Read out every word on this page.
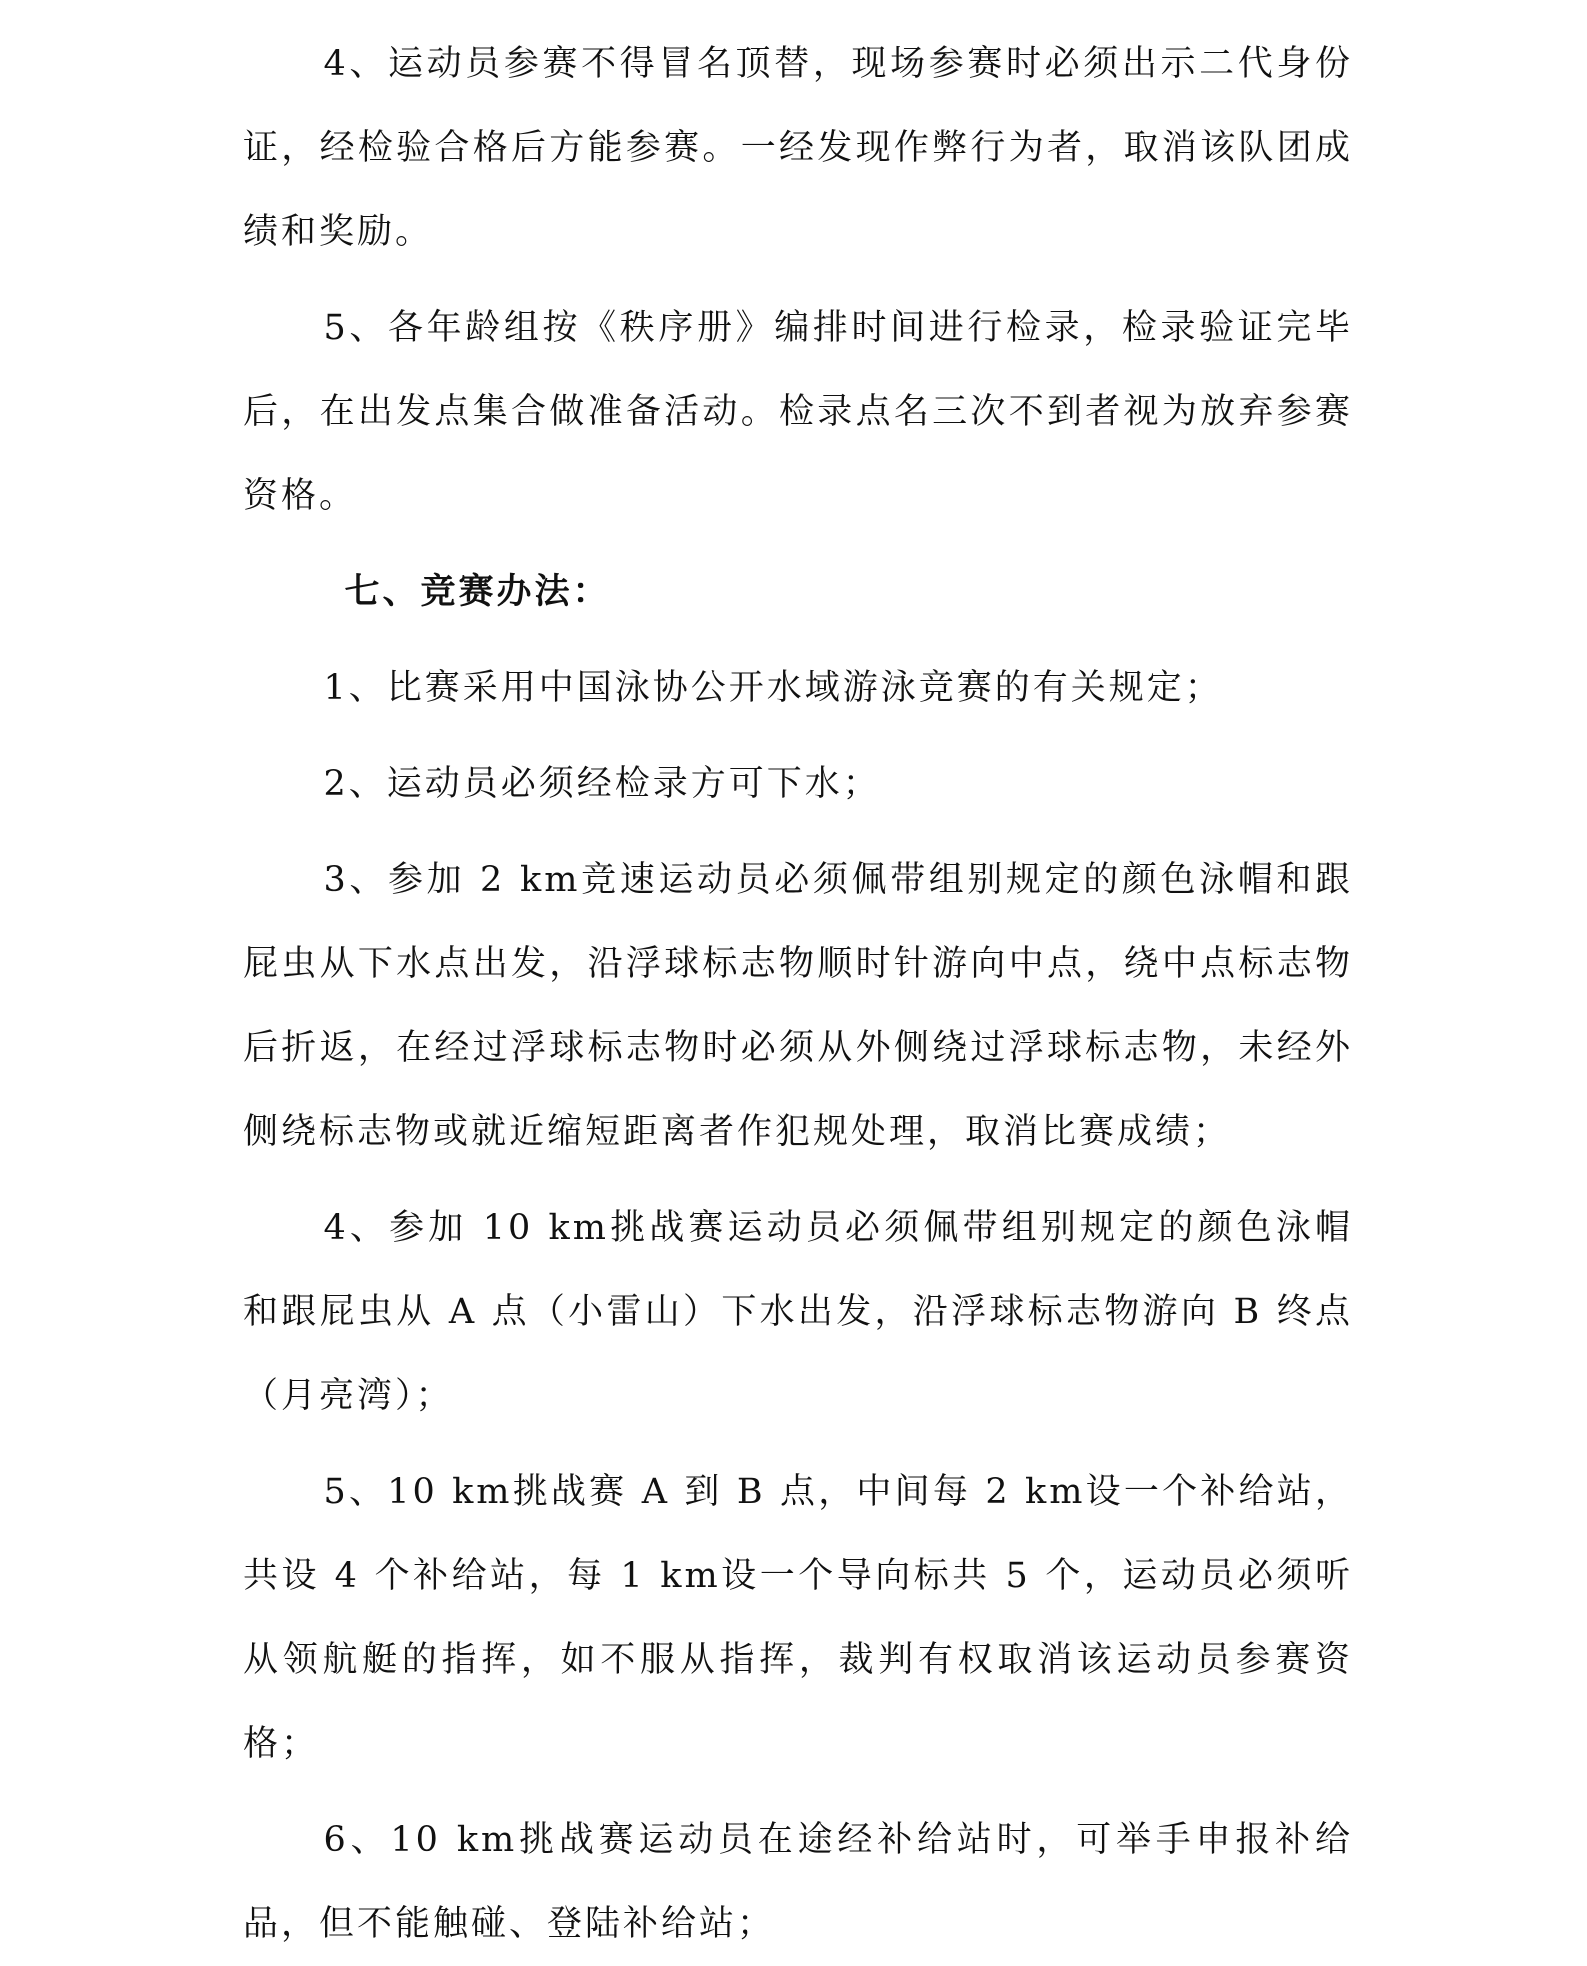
4、运动员参赛不得冒名顶替，现场参赛时必须出示二代身份证，经检验合格后方能参赛。一经发现作弊行为者，取消该队团成绩和奖励。

5、各年龄组按《秩序册》编排时间进行检录，检录验证完毕后，在出发点集合做准备活动。检录点名三次不到者视为放弃参赛资格。

七、竞赛办法：

1、比赛采用中国泳协公开水域游泳竞赛的有关规定；

2、运动员必须经检录方可下水；

3、参加 2 km竞速运动员必须佩带组别规定的颜色泳帽和跟屁虫从下水点出发，沿浮球标志物顺时针游向中点，绕中点标志物后折返，在经过浮球标志物时必须从外侧绕过浮球标志物，未经外侧绕标志物或就近缩短距离者作犯规处理，取消比赛成绩；

4、参加 10 km挑战赛运动员必须佩带组别规定的颜色泳帽和跟屁虫从 A 点（小雷山）下水出发，沿浮球标志物游向 B 终点（月亮湾）；

5、10 km挑战赛 A 到 B 点，中间每 2 km设一个补给站，共设 4 个补给站，每 1 km设一个导向标共 5 个，运动员必须听从领航艇的指挥，如不服从指挥，裁判有权取消该运动员参赛资格；

6、10 km挑战赛运动员在途经补给站时，可举手申报补给品，但不能触碰、登陆补给站；
